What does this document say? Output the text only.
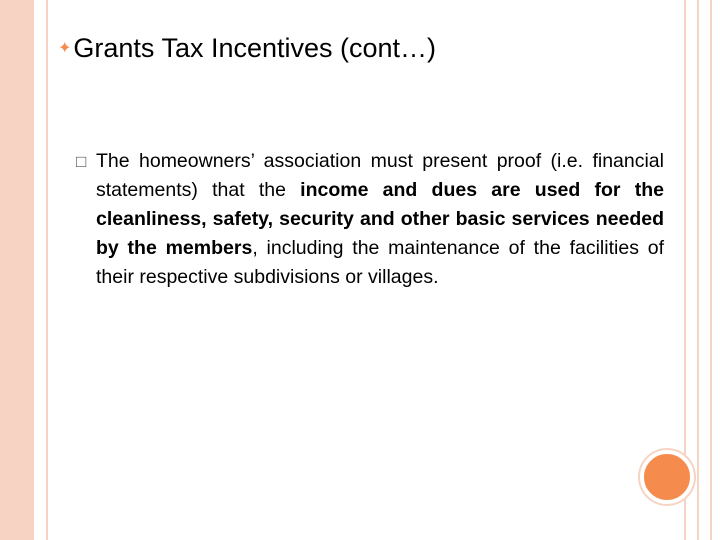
✦Grants Tax Incentives (cont…)
□ The homeowners’ association must present proof (i.e. financial statements) that the income and dues are used for the cleanliness, safety, security and other basic services needed by the members, including the maintenance of the facilities of their respective subdivisions or villages.
